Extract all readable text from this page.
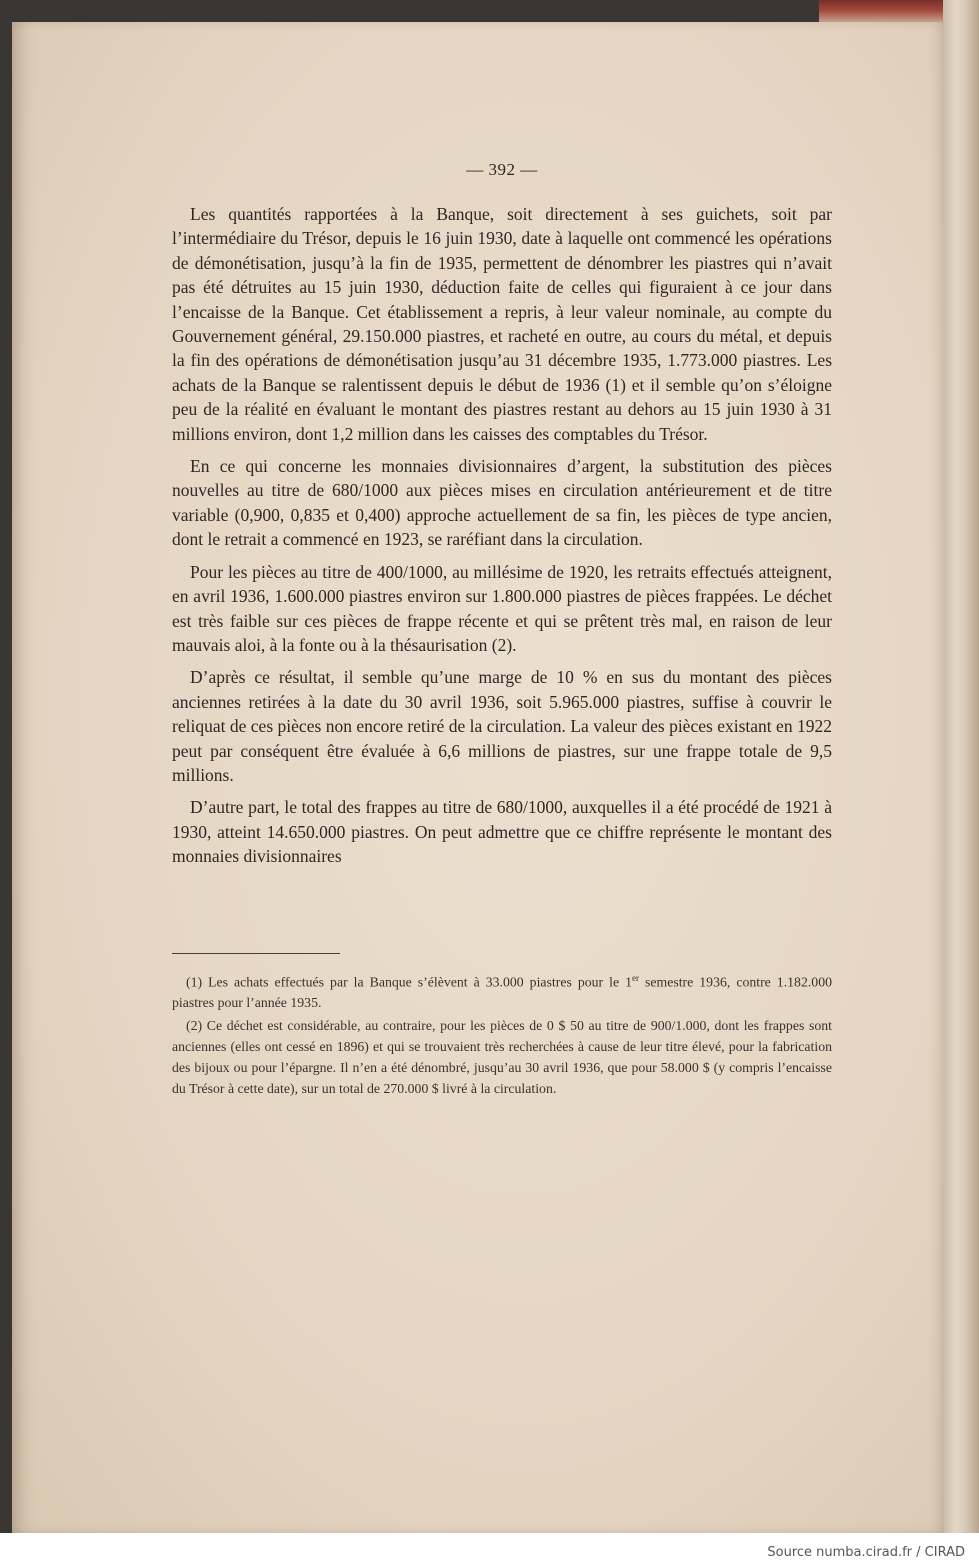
— 392 —

Les quantités rapportées à la Banque, soit directement à ses guichets, soit par l’intermédiaire du Trésor, depuis le 16 juin 1930, date à laquelle ont commencé les opérations de démonétisation, jusqu’à la fin de 1935, permettent de dénombrer les piastres qui n’avait pas été détruites au 15 juin 1930, déduction faite de celles qui figuraient à ce jour dans l’encaisse de la Banque. Cet établissement a repris, à leur valeur nominale, au compte du Gouvernement général, 29.150.000 piastres, et racheté en outre, au cours du métal, et depuis la fin des opérations de démonétisation jusqu’au 31 décembre 1935, 1.773.000 piastres. Les achats de la Banque se ralentissent depuis le début de 1936 (1) et il semble qu’on s’éloigne peu de la réalité en évaluant le montant des piastres restant au dehors au 15 juin 1930 à 31 millions environ, dont 1,2 million dans les caisses des comptables du Trésor.

En ce qui concerne les monnaies divisionnaires d’argent, la substitution des pièces nouvelles au titre de 680/1000 aux pièces mises en circulation antérieurement et de titre variable (0,900, 0,835 et 0,400) approche actuellement de sa fin, les pièces de type ancien, dont le retrait a commencé en 1923, se raréfiant dans la circulation.

Pour les pièces au titre de 400/1000, au millésime de 1920, les retraits effectués atteignent, en avril 1936, 1.600.000 piastres environ sur 1.800.000 piastres de pièces frappées. Le déchet est très faible sur ces pièces de frappe récente et qui se prêtent très mal, en raison de leur mauvais aloi, à la fonte ou à la thésaurisation (2).

D’après ce résultat, il semble qu’une marge de 10 % en sus du montant des pièces anciennes retirées à la date du 30 avril 1936, soit 5.965.000 piastres, suffise à couvrir le reliquat de ces pièces non encore retiré de la circulation. La valeur des pièces existant en 1922 peut par conséquent être évaluée à 6,6 millions de piastres, sur une frappe totale de 9,5 millions.

D’autre part, le total des frappes au titre de 680/1000, auxquelles il a été procédé de 1921 à 1930, atteint 14.650.000 piastres. On peut admettre que ce chiffre représente le montant des monnaies divisionnaires

(1) Les achats effectués par la Banque s’élèvent à 33.000 piastres pour le 1er semestre 1936, contre 1.182.000 piastres pour l’année 1935.

(2) Ce déchet est considérable, au contraire, pour les pièces de 0 $ 50 au titre de 900/1.000, dont les frappes sont anciennes (elles ont cessé en 1896) et qui se trouvaient très recherchées à cause de leur titre élevé, pour la fabrication des bijoux ou pour l’épargne. Il n’en a été dénombré, jusqu’au 30 avril 1936, que pour 58.000 $ (y compris l’encaisse du Trésor à cette date), sur un total de 270.000 $ livré à la circulation.

Source numba.cirad.fr / CIRAD
